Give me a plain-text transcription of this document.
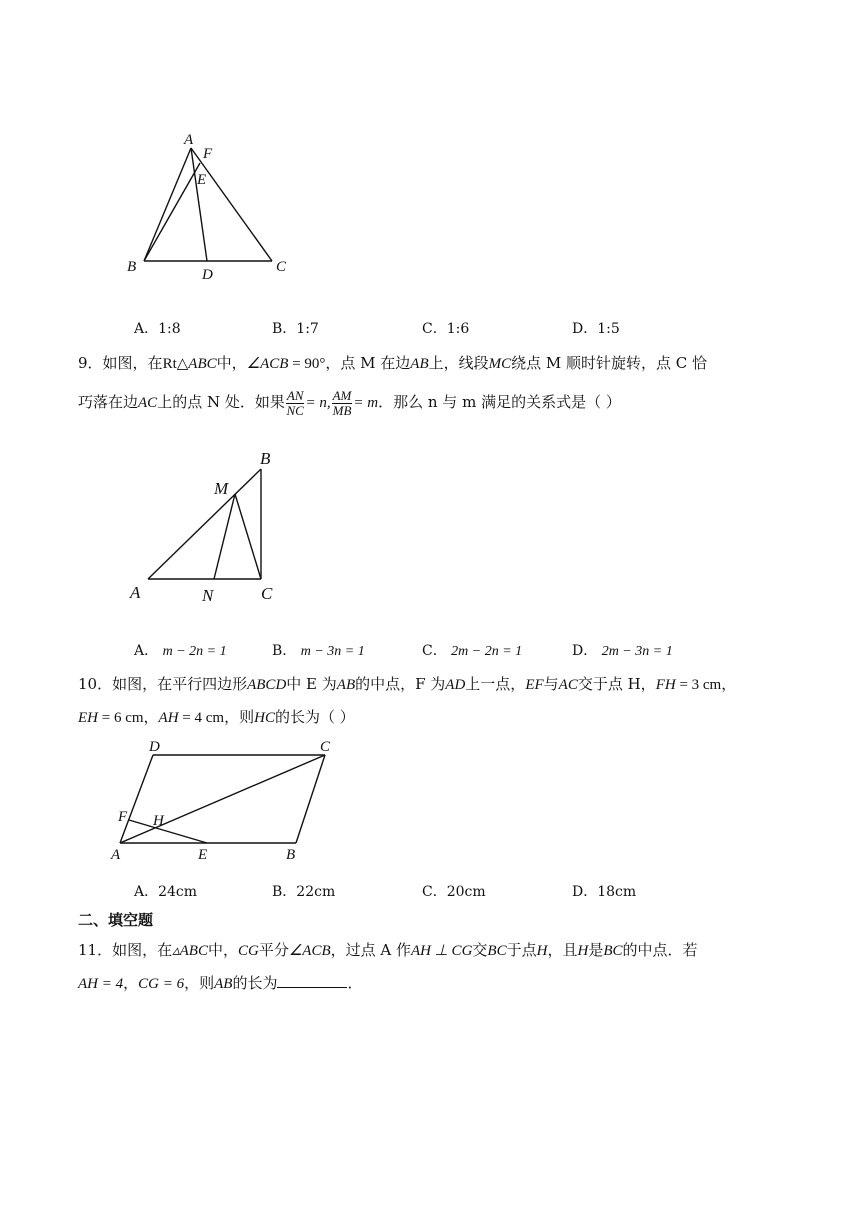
A
F
E
B	D	C
A．1:8	B．1:7	C．1:6	D．1:5
9．如图，在Rt△ABC中，∠ACB = 90°，点 M 在边AB上，线段MC绕点 M 顺时针旋转，点 C 恰
巧落在边AC上的点 N 处．如果 $\frac{AN}{NC} = n$, $\frac{AM}{MB} = m$．那么 n 与 m 满足的关系式是（ ）
B
M
A	N	C
A． m − 2n = 1	B． m − 3n = 1	C． 2m − 2n = 1	D． 2m − 3n = 1
10．如图，在平行四边形ABCD中 E 为AB的中点，F 为AD上一点，EF与AC交于点 H，FH = 3 cm，
EH = 6 cm，AH = 4 cm，则HC的长为（ ）
D	C
F H
A	E	B
A．24cm	B．22cm	C．20cm	D．18cm
二、填空题
11．如图，在▵ABC中，CG平分∠ACB，过点 A 作AH ⊥ CG交BC于点H，且H是BC的中点．若
AH = 4，CG = 6，则AB的长为	．
